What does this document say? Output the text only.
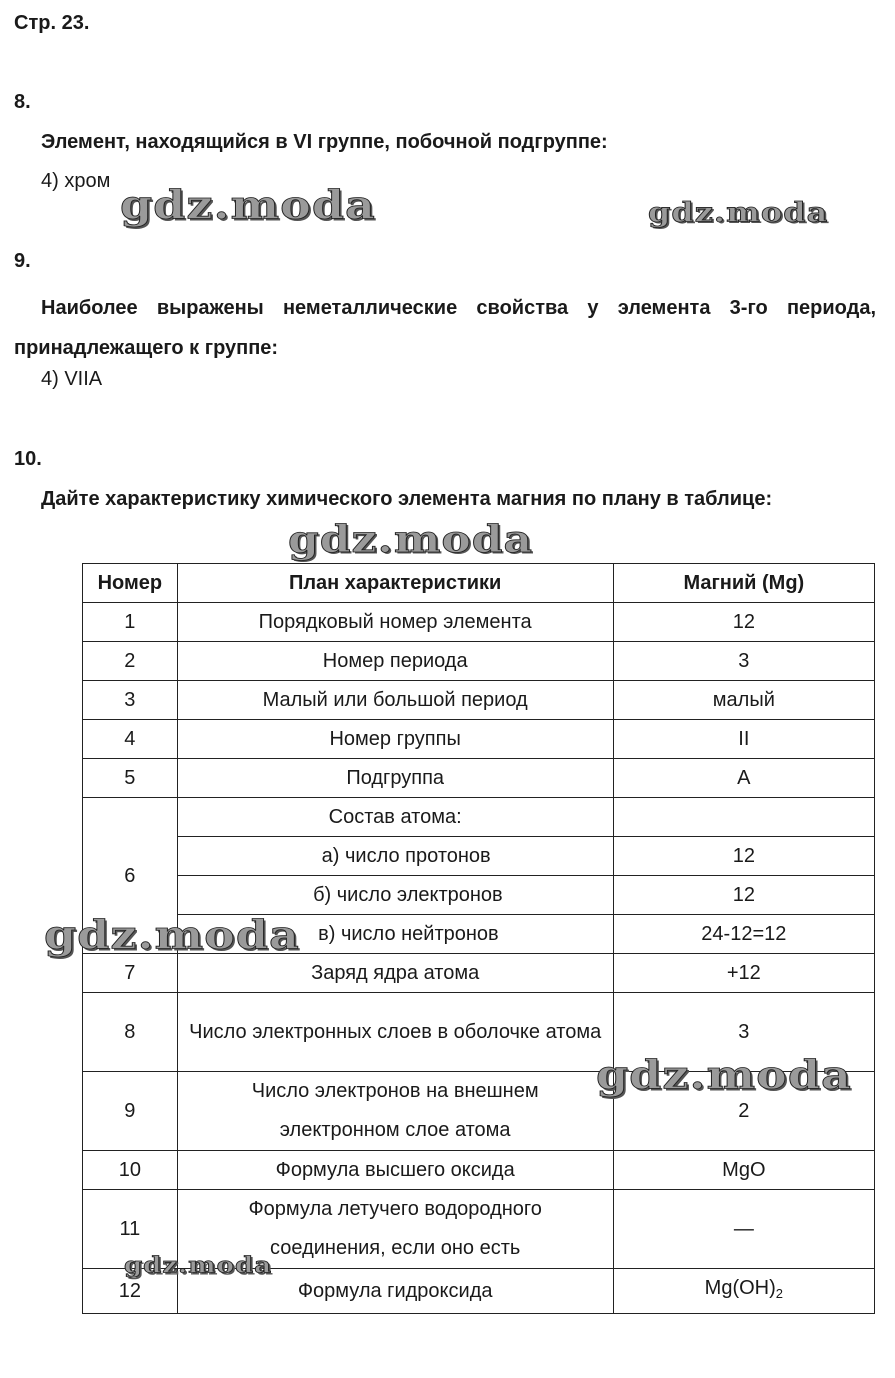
Стр. 23.
8.
Элемент, находящийся в VI группе, побочной подгруппе:
4) хром
9.
Наиболее выражены неметаллические свойства у элемента 3-го периода, принадлежащего к группе:
4) VIIA
10.
Дайте характеристику химического элемента магния по плану в таблице:
Номер	План характеристики	Магний (Mg)
1	Порядковый номер элемента	12
2	Номер периода	3
3	Малый или большой период	малый
4	Номер группы	II
5	Подгруппа	А
6	Состав атома:	
	а) число протонов	12
	б) число электронов	12
	в) число нейтронов	24-12=12
7	Заряд ядра атома	+12
8	Число электронных слоев в оболочке атома	3
9	Число электронов на внешнем электронном слое атома	2
10	Формула высшего оксида	MgO
11	Формула летучего водородного соединения, если оно есть	—
12	Формула гидроксида	$Mg(OH)_2$
gdz.moda	gdz.moda
gdz.moda
gdz.moda
gdz.moda
gdz.moda
